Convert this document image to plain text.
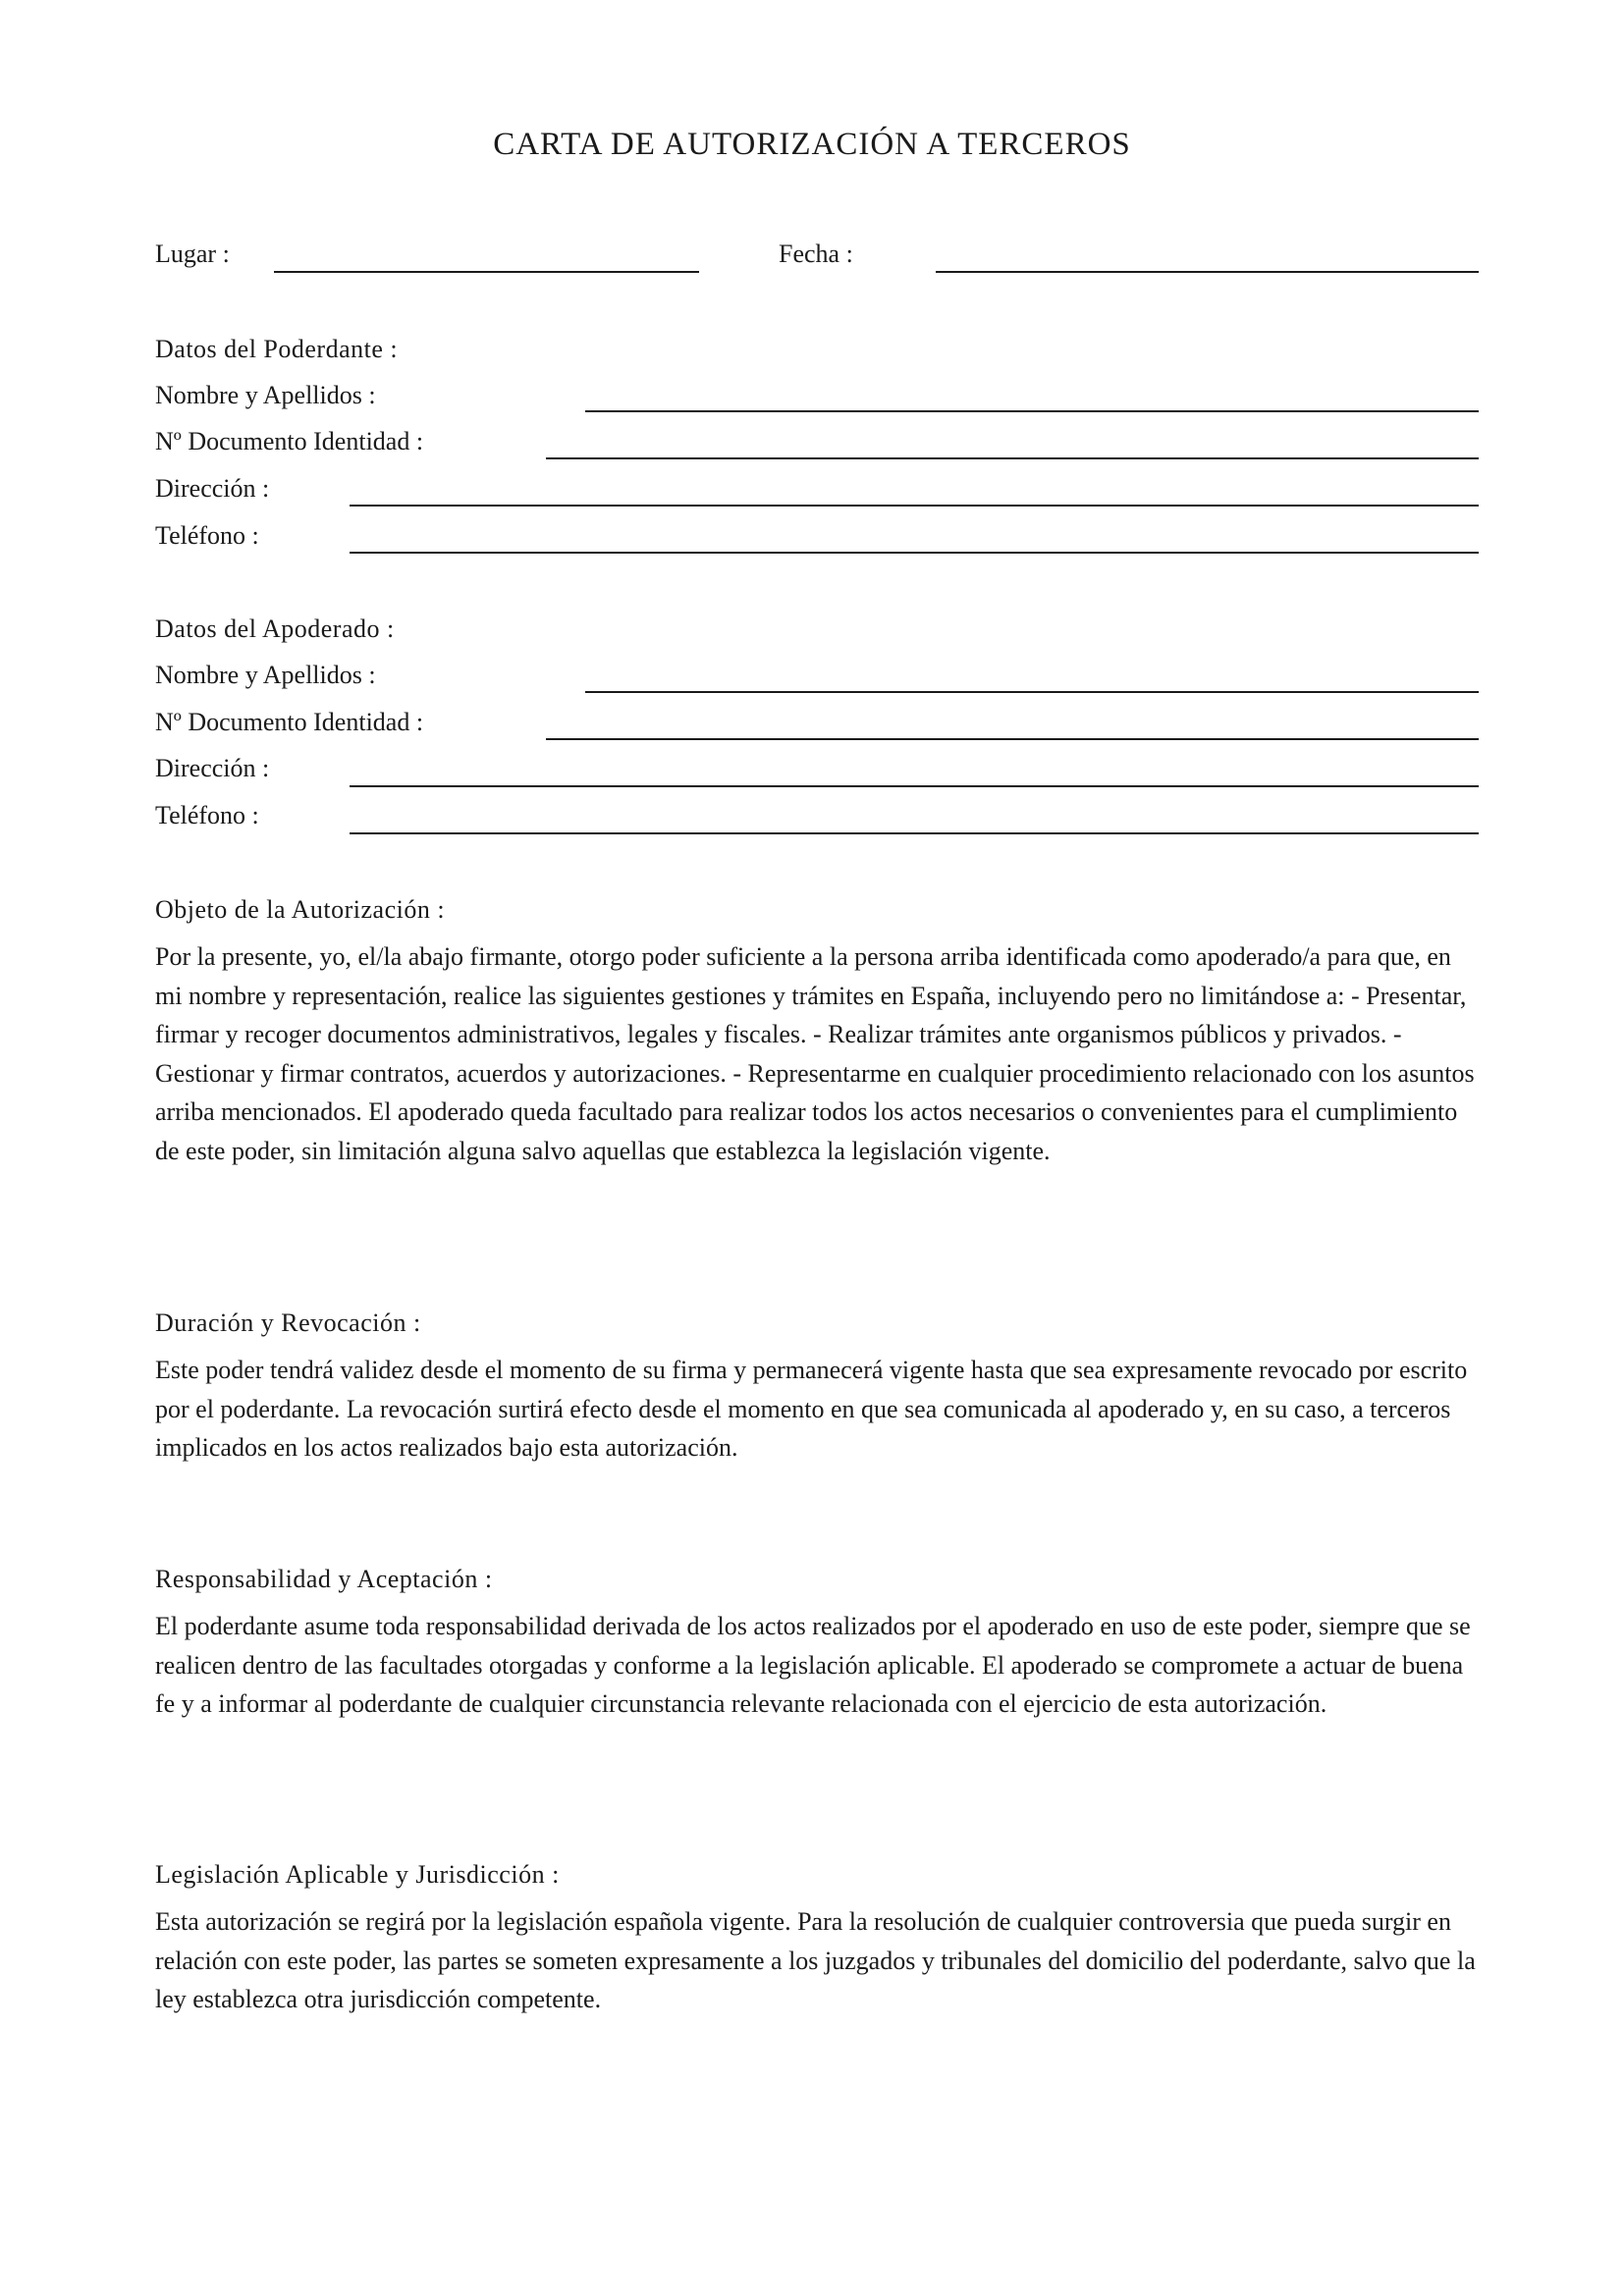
CARTA DE AUTORIZACIÓN A TERCEROS
Lugar :	Fecha :
Datos del Poderdante :
Nombre y Apellidos :
Nº Documento Identidad :
Dirección :
Teléfono :
Datos del Apoderado :
Nombre y Apellidos :
Nº Documento Identidad :
Dirección :
Teléfono :
Objeto de la Autorización :
Por la presente, yo, el/la abajo firmante, otorgo poder suficiente a la persona arriba identificada como apoderado/a para que, en mi nombre y representación, realice las siguientes gestiones y trámites en España, incluyendo pero no limitándose a: - Presentar, firmar y recoger documentos administrativos, legales y fiscales. - Realizar trámites ante organismos públicos y privados. - Gestionar y firmar contratos, acuerdos y autorizaciones. - Representarme en cualquier procedimiento relacionado con los asuntos arriba mencionados. El apoderado queda facultado para realizar todos los actos necesarios o convenientes para el cumplimiento de este poder, sin limitación alguna salvo aquellas que establezca la legislación vigente.
Duración y Revocación :
Este poder tendrá validez desde el momento de su firma y permanecerá vigente hasta que sea expresamente revocado por escrito por el poderdante. La revocación surtirá efecto desde el momento en que sea comunicada al apoderado y, en su caso, a terceros implicados en los actos realizados bajo esta autorización.
Responsabilidad y Aceptación :
El poderdante asume toda responsabilidad derivada de los actos realizados por el apoderado en uso de este poder, siempre que se realicen dentro de las facultades otorgadas y conforme a la legislación aplicable. El apoderado se compromete a actuar de buena fe y a informar al poderdante de cualquier circunstancia relevante relacionada con el ejercicio de esta autorización.
Legislación Aplicable y Jurisdicción :
Esta autorización se regirá por la legislación española vigente. Para la resolución de cualquier controversia que pueda surgir en relación con este poder, las partes se someten expresamente a los juzgados y tribunales del domicilio del poderdante, salvo que la ley establezca otra jurisdicción competente.
